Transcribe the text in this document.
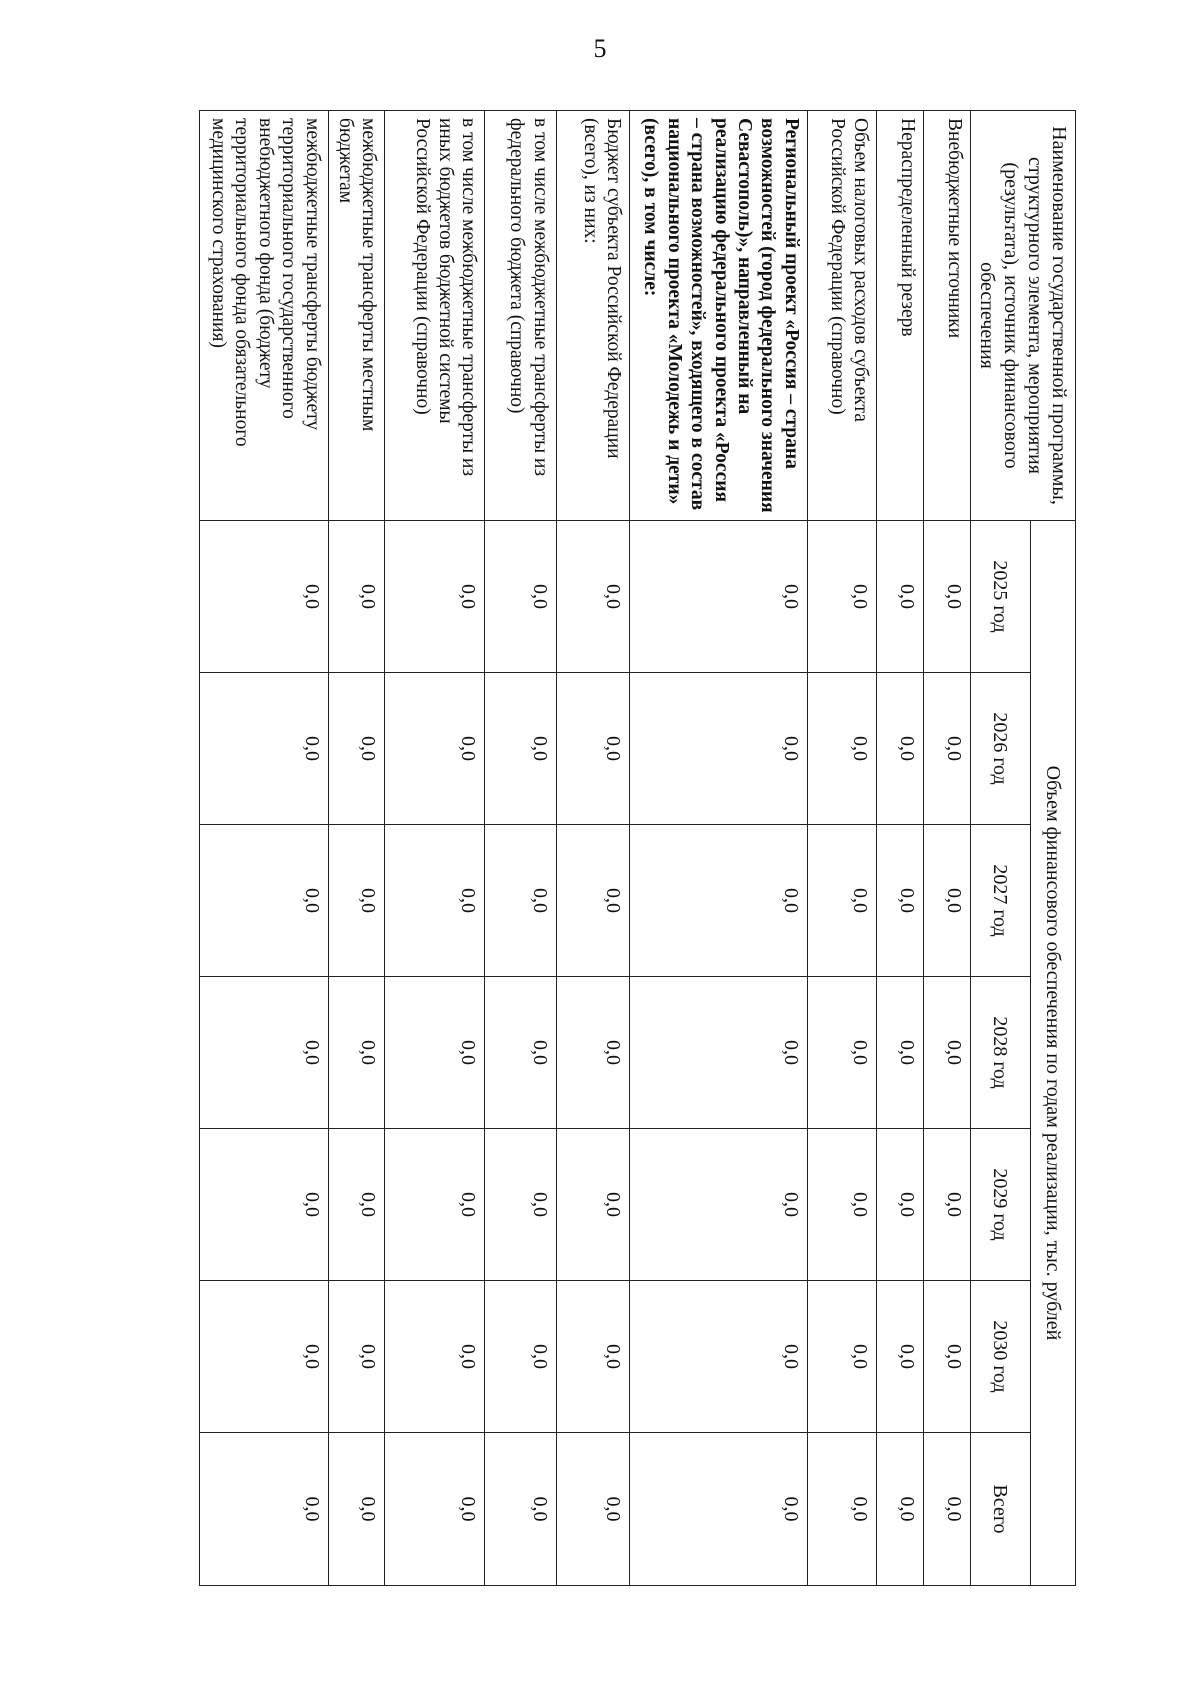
5
Наименование государственной программы, структурного элемента, мероприятия (результата), источник финансового обеспечения	Объем финансового обеспечения по годам реализации, тыс. рублей						
	2025 год	2026 год	2027 год	2028 год	2029 год	2030 год	Всего
Внебюджетные источники	0,0	0,0	0,0	0,0	0,0	0,0	0,0
Нераспределенный резерв	0,0	0,0	0,0	0,0	0,0	0,0	0,0
Объем налоговых расходов субъекта Российской Федерации (справочно)	0,0	0,0	0,0	0,0	0,0	0,0	0,0
Региональный проект «Россия – страна возможностей (город федерального значения Севастополь)», направленный на реализацию федерального проекта «Россия – страна возможностей», входящего в состав национального проекта «Молодежь и дети» (всего), в том числе:	0,0	0,0	0,0	0,0	0,0	0,0	0,0
Бюджет субъекта Российской Федерации (всего), из них:	0,0	0,0	0,0	0,0	0,0	0,0	0,0
в том числе межбюджетные трансферты из федерального бюджета (справочно)	0,0	0,0	0,0	0,0	0,0	0,0	0,0
в том числе межбюджетные трансферты из иных бюджетов бюджетной системы Российской Федерации (справочно)	0,0	0,0	0,0	0,0	0,0	0,0	0,0
межбюджетные трансферты местным бюджетам	0,0	0,0	0,0	0,0	0,0	0,0	0,0
межбюджетные трансферты бюджету территориального государственного внебюджетного фонда (бюджету территориального фонда обязательного медицинского страхования)	0,0	0,0	0,0	0,0	0,0	0,0	0,0
